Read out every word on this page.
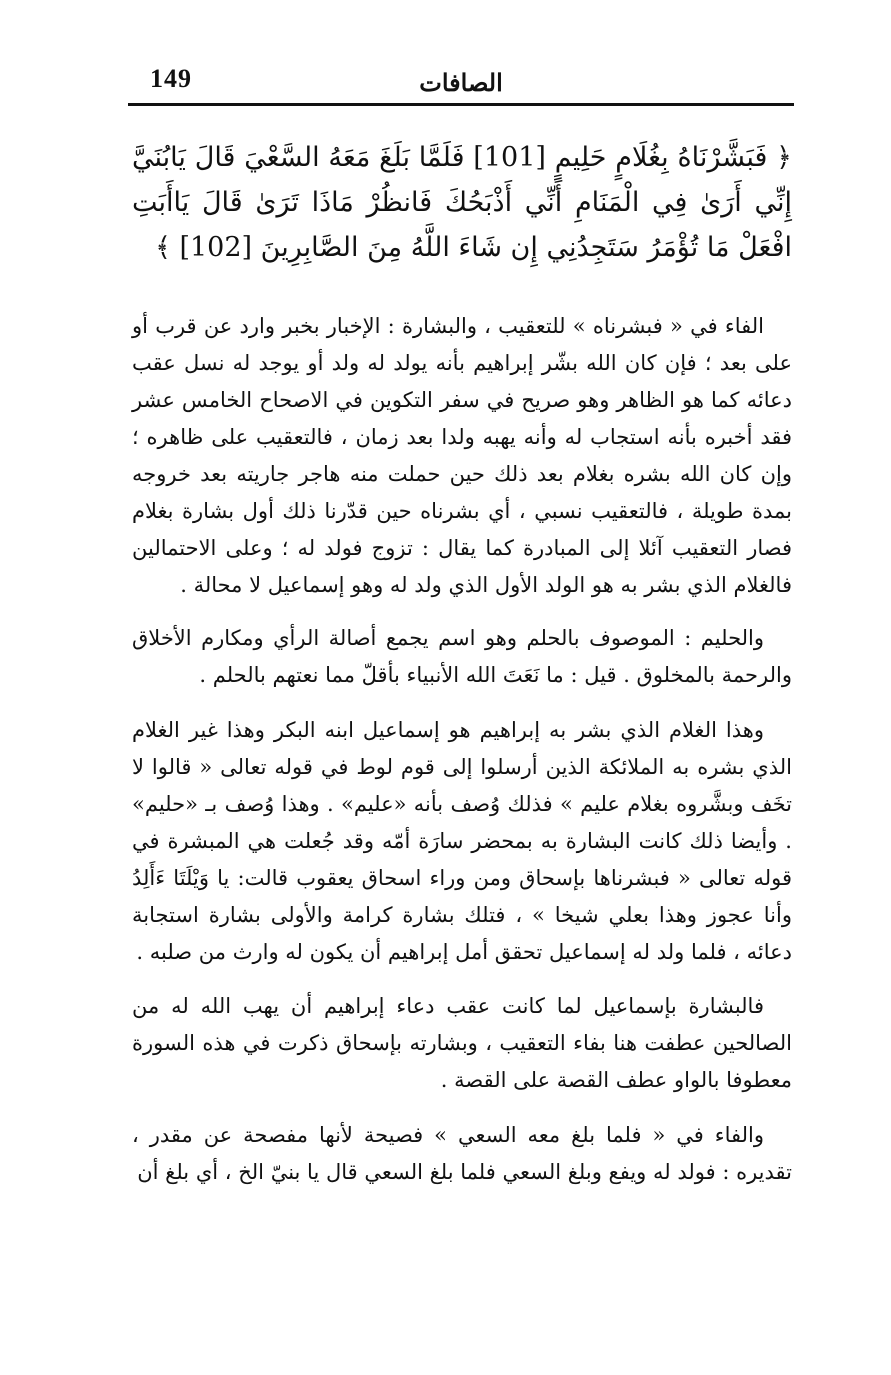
149	الصافات

﴿ فَبَشَّرْنَاهُ بِغُلَامٍ حَلِيمٍ [101] فَلَمَّا بَلَغَ مَعَهُ السَّعْيَ قَالَ يَابُنَيَّ إِنِّي أَرَىٰ فِي الْمَنَامِ أَنِّي أَذْبَحُكَ فَانظُرْ مَاذَا تَرَىٰ قَالَ يَاأَبَتِ افْعَلْ مَا تُؤْمَرُ سَتَجِدُنِي إِن شَاءَ اللَّهُ مِنَ الصَّابِرِينَ [102] ﴾

الفاء في « فبشرناه » للتعقيب ، والبشارة : الإخبار بخبر وارد عن قرب أو على بعد ؛ فإن كان الله بشّر إبراهيم بأنه يولد له ولد أو يوجد له نسل عقب دعائه كما هو الظاهر وهو صريح في سفر التكوين في الاصحاح الخامس عشر فقد أخبره بأنه استجاب له وأنه يهبه ولدا بعد زمان ، فالتعقيب على ظاهره ؛ وإن كان الله بشره بغلام بعد ذلك حين حملت منه هاجر جاريته بعد خروجه بمدة طويلة ، فالتعقيب نسبي ، أي بشرناه حين قدّرنا ذلك أول بشارة بغلام فصار التعقيب آئلا إلى المبادرة كما يقال : تزوج فولد له ؛ وعلى الاحتمالين فالغلام الذي بشر به هو الولد الأول الذي ولد له وهو إسماعيل لا محالة .

والحليم : الموصوف بالحلم وهو اسم يجمع أصالة الرأي ومكارم الأخلاق والرحمة بالمخلوق . قيل : ما نَعَتَ الله الأنبياء بأقلّ مما نعتهم بالحلم .

وهذا الغلام الذي بشر به إبراهيم هو إسماعيل ابنه البكر وهذا غير الغلام الذي بشره به الملائكة الذين أرسلوا إلى قوم لوط في قوله تعالى « قالوا لا تخَف وبشَّروه بغلام عليم » فذلك وُصف بأنه «عليم» . وهذا وُصف بـ «حليم» . وأيضا ذلك كانت البشارة به بمحضر سارَة أمّه وقد جُعلت هي المبشرة في قوله تعالى « فبشرناها بإسحاق ومن وراء اسحاق يعقوب قالت: يا وَيْلَتَا ءَأَلِدُ وأنا عجوز وهذا بعلي شيخا » ، فتلك بشارة كرامة والأولى بشارة استجابة دعائه ، فلما ولد له إسماعيل تحقق أمل إبراهيم أن يكون له وارث من صلبه .

فالبشارة بإسماعيل لما كانت عقب دعاء إبراهيم أن يهب الله له من الصالحين عطفت هنا بفاء التعقيب ، وبشارته بإسحاق ذكرت في هذه السورة معطوفا بالواو عطف القصة على القصة .

والفاء في « فلما بلغ معه السعي » فصيحة لأنها مفصحة عن مقدر ، تقديره : فولد له ويفع وبلغ السعي فلما بلغ السعي قال يا بنيّ الخ ، أي بلغ أن
